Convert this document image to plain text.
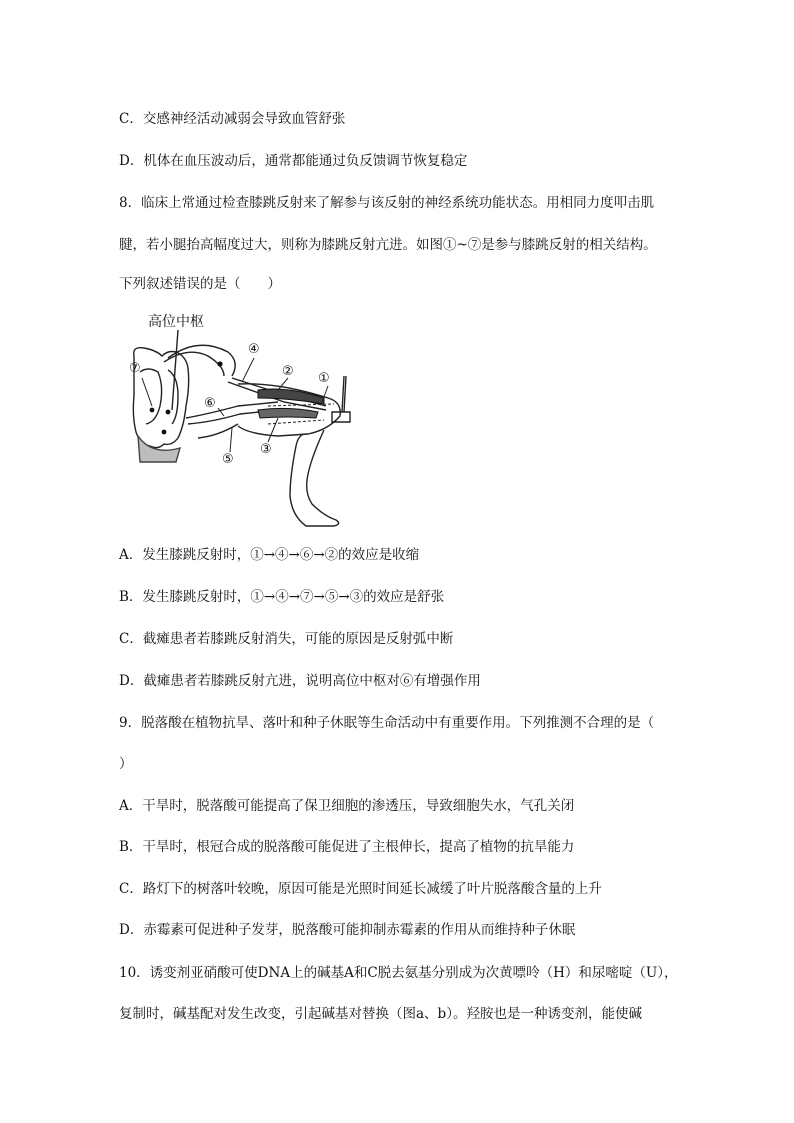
C．交感神经活动减弱会导致血管舒张
D．机体在血压波动后，通常都能通过负反馈调节恢复稳定
8．临床上常通过检查膝跳反射来了解参与该反射的神经系统功能状态。用相同力度叩击肌
腱，若小腿抬高幅度过大，则称为膝跳反射亢进。如图①~⑦是参与膝跳反射的相关结构。
下列叙述错误的是（　　）
高位中枢
①
②
③
④
⑤
⑥
⑦
A．发生膝跳反射时，①→④→⑥→②的效应是收缩
B．发生膝跳反射时，①→④→⑦→⑤→③的效应是舒张
C．截瘫患者若膝跳反射消失，可能的原因是反射弧中断
D．截瘫患者若膝跳反射亢进，说明高位中枢对⑥有增强作用
9．脱落酸在植物抗旱、落叶和种子休眠等生命活动中有重要作用。下列推测不合理的是（
）
A．干旱时，脱落酸可能提高了保卫细胞的渗透压，导致细胞失水，气孔关闭
B．干旱时，根冠合成的脱落酸可能促进了主根伸长，提高了植物的抗旱能力
C．路灯下的树落叶较晚，原因可能是光照时间延长减缓了叶片脱落酸含量的上升
D．赤霉素可促进种子发芽，脱落酸可能抑制赤霉素的作用从而维持种子休眠
10．诱变剂亚硝酸可使DNA上的碱基A和C脱去氨基分别成为次黄嘌呤（H）和尿嘧啶（U），
复制时，碱基配对发生改变，引起碱基对替换（图a、b）。羟胺也是一种诱变剂，能使碱
